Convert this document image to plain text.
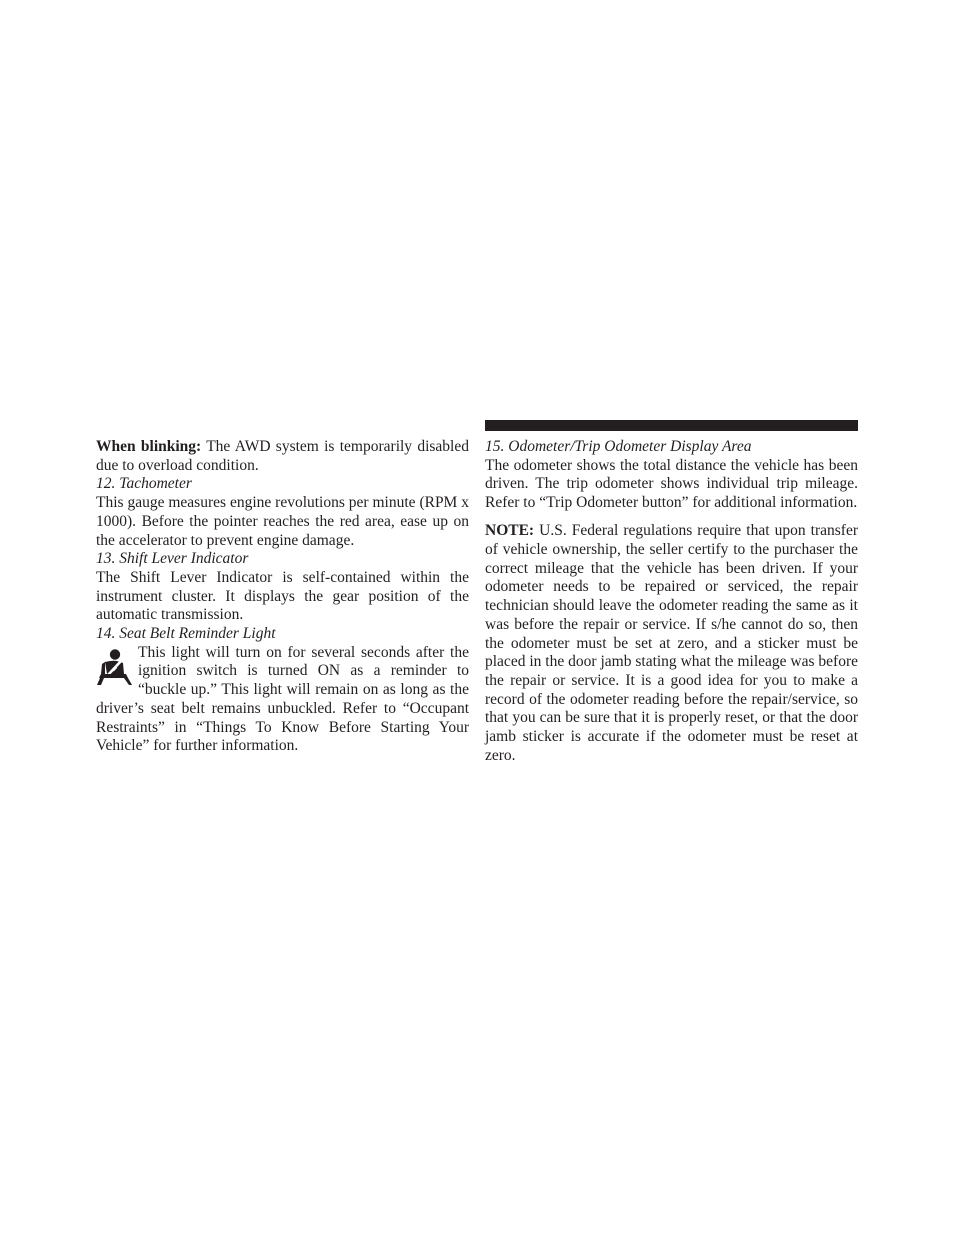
When blinking: The AWD system is temporarily disabled due to overload condition.

12. Tachometer

This gauge measures engine revolutions per minute (RPM x 1000). Before the pointer reaches the red area, ease up on the accelerator to prevent engine damage.

13. Shift Lever Indicator

The Shift Lever Indicator is self-contained within the instrument cluster. It displays the gear position of the automatic transmission.

14. Seat Belt Reminder Light

This light will turn on for several seconds after the ignition switch is turned ON as a reminder to “buckle up.” This light will remain on as long as the driver’s seat belt remains unbuckled. Refer to “Occupant Restraints” in “Things To Know Before Starting Your Vehicle” for further information.

15. Odometer/Trip Odometer Display Area

The odometer shows the total distance the vehicle has been driven. The trip odometer shows individual trip mileage. Refer to “Trip Odometer button” for additional information.

NOTE: U.S. Federal regulations require that upon transfer of vehicle ownership, the seller certify to the purchaser the correct mileage that the vehicle has been driven. If your odometer needs to be repaired or serviced, the repair technician should leave the odometer reading the same as it was before the repair or service. If s/he cannot do so, then the odometer must be set at zero, and a sticker must be placed in the door jamb stating what the mileage was before the repair or service. It is a good idea for you to make a record of the odometer reading before the repair/service, so that you can be sure that it is properly reset, or that the door jamb sticker is accurate if the odometer must be reset at zero.
